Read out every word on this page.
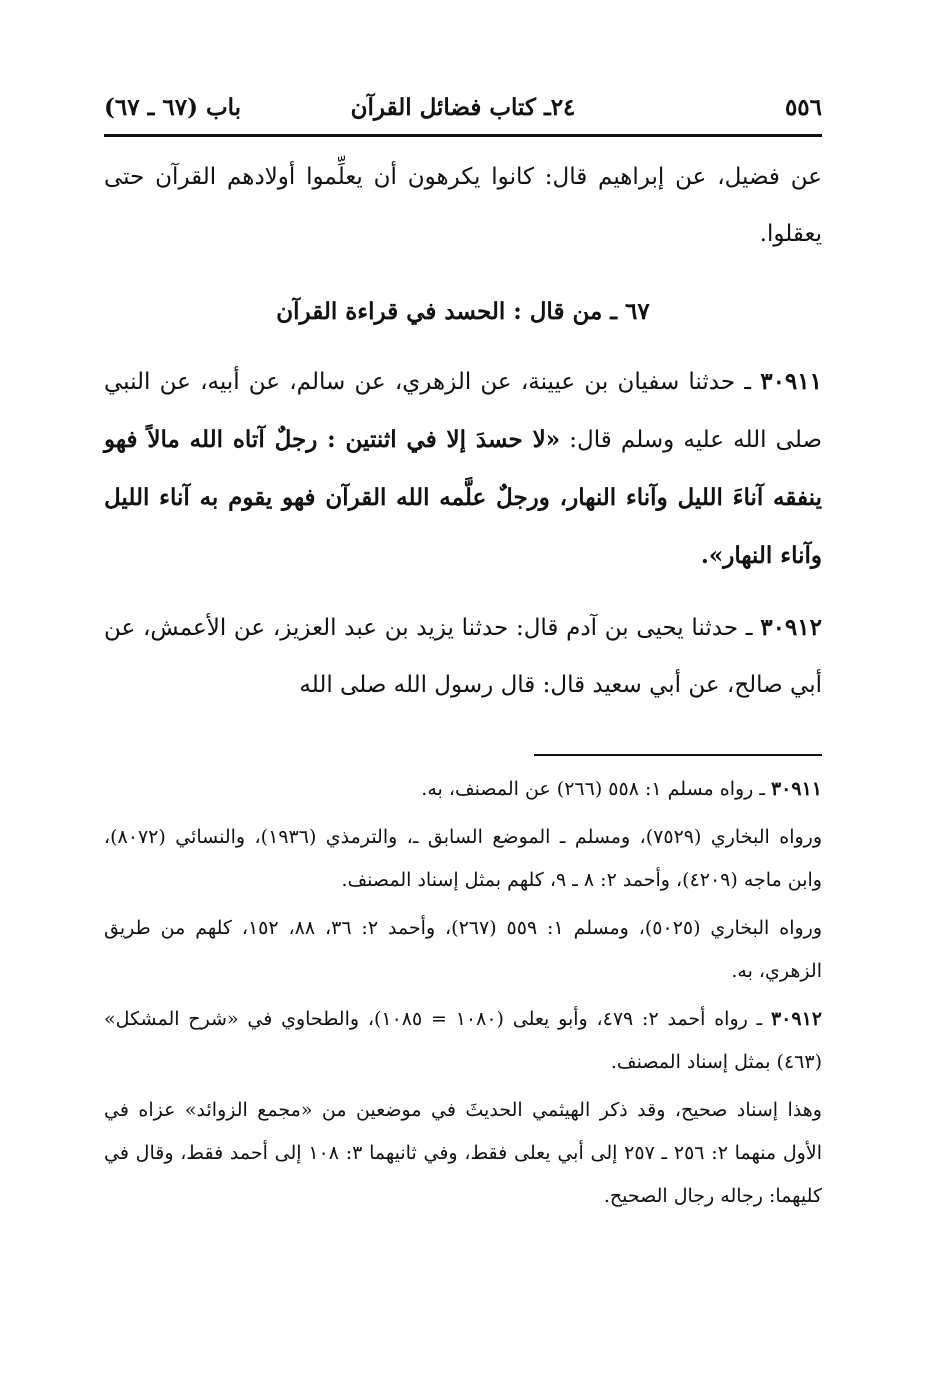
٥٥٦
٢٤ـ كتاب فضائل القرآن
باب (٦٧ ـ ٦٧)

عن فضيل، عن إبراهيم قال: كانوا يكرهون أن يعلِّموا أولادهم القرآن حتى يعقلوا.

٦٧ ـ من قال : الحسد في قراءة القرآن

٣٠٩١١ ـ حدثنا سفيان بن عيينة، عن الزهري، عن سالم، عن أبيه، عن النبي صلى الله عليه وسلم قال: «لا حسدَ إلا في اثنتين : رجلٌ آتاه الله مالاً فهو ينفقه آناءَ الليل وآناء النهار، ورجلٌ علَّمه الله القرآن فهو يقوم به آناء الليل وآناء النهار».

٣٠٩١٢ ـ حدثنا يحيى بن آدم قال: حدثنا يزيد بن عبد العزيز، عن الأعمش، عن أبي صالح، عن أبي سعيد قال: قال رسول الله صلى الله

٣٠٩١١ ـ رواه مسلم ١: ٥٥٨ (٢٦٦) عن المصنف، به.

ورواه البخاري (٧٥٢٩)، ومسلم ـ الموضع السابق ـ، والترمذي (١٩٣٦)، والنسائي (٨٠٧٢)، وابن ماجه (٤٢٠٩)، وأحمد ٢: ٨ ـ ٩، كلهم بمثل إسناد المصنف.

ورواه البخاري (٥٠٢٥)، ومسلم ١: ٥٥٩ (٢٦٧)، وأحمد ٢: ٣٦، ٨٨، ١٥٢، كلهم من طريق الزهري، به.

٣٠٩١٢ ـ رواه أحمد ٢: ٤٧٩، وأبو يعلى (١٠٨٠ = ١٠٨٥)، والطحاوي في «شرح المشكل» (٤٦٣) بمثل إسناد المصنف.

وهذا إسناد صحيح، وقد ذكر الهيثمي الحديثَ في موضعين من «مجمع الزوائد» عزاه في الأول منهما ٢: ٢٥٦ ـ ٢٥٧ إلى أبي يعلى فقط، وفي ثانيهما ٣: ١٠٨ إلى أحمد فقط، وقال في كليهما: رجاله رجال الصحيح.
